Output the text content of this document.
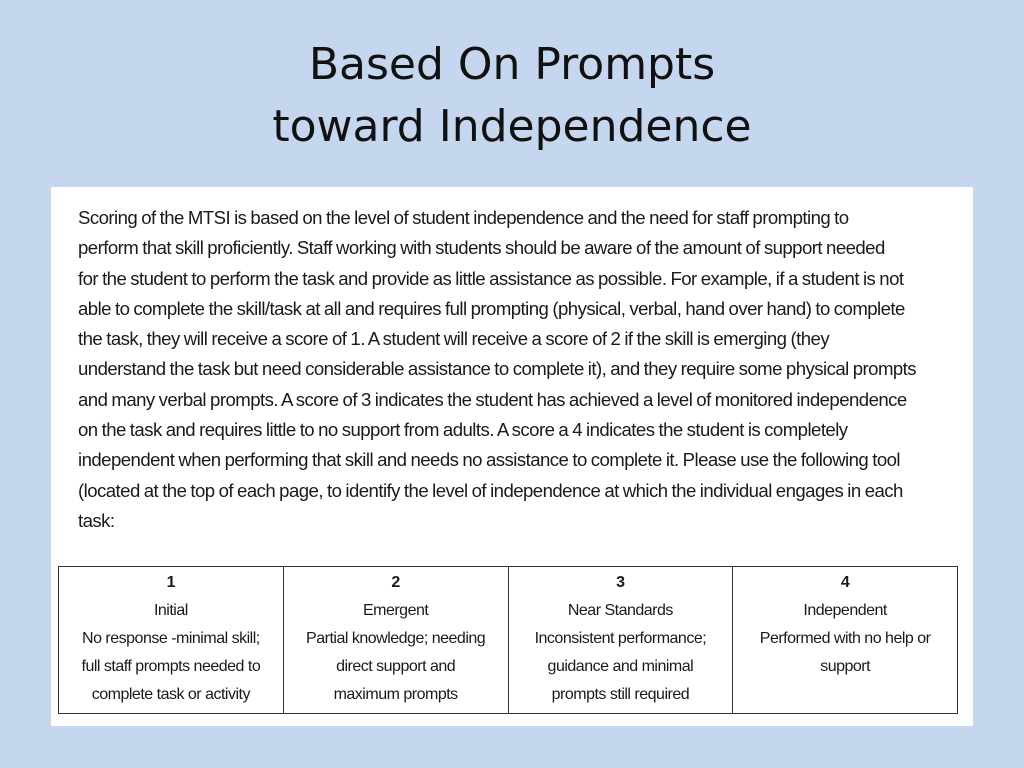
Based On Prompts
toward Independence
Scoring of the MTSI is based on the level of student independence and the need for staff prompting to
perform that skill proficiently. Staff working with students should be aware of the amount of support needed
for the student to perform the task and provide as little assistance as possible. For example, if a student is not
able to complete the skill/task at all and requires full prompting (physical, verbal, hand over hand) to complete
the task, they will receive a score of 1. A student will receive a score of 2 if the skill is emerging (they
understand the task but need considerable assistance to complete it), and they require some physical prompts
and many verbal prompts. A score of 3 indicates the student has achieved a level of monitored independence
on the task and requires little to no support from adults. A score a 4 indicates the student is completely
independent when performing that skill and needs no assistance to complete it. Please use the following tool
(located at the top of each page, to identify the level of independence at which the individual engages in each
task:
1
Initial
No response -minimal skill;
full staff prompts needed to
complete task or activity

2
Emergent
Partial knowledge; needing
direct support and
maximum prompts

3
Near Standards
Inconsistent performance;
guidance and minimal
prompts still required

4
Independent
Performed with no help or
support
